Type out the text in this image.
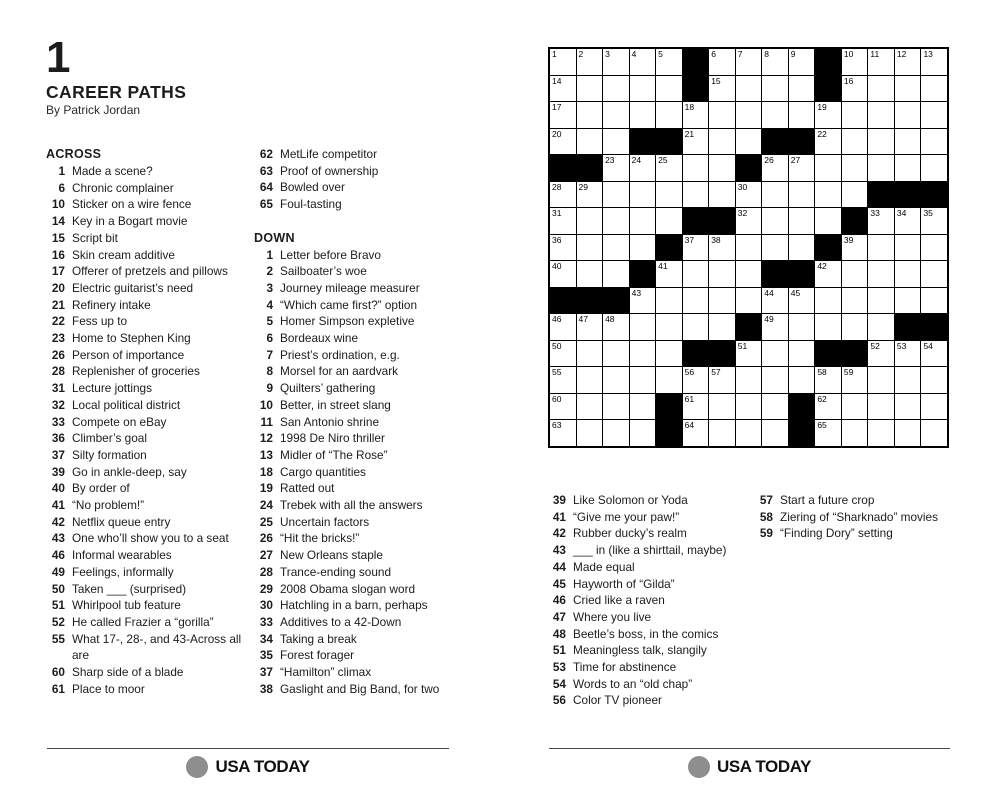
1
CAREER PATHS
By Patrick Jordan
ACROSS
1 Made a scene?
6 Chronic complainer
10 Sticker on a wire fence
14 Key in a Bogart movie
15 Script bit
16 Skin cream additive
17 Offerer of pretzels and pillows
20 Electric guitarist’s need
21 Refinery intake
22 Fess up to
23 Home to Stephen King
26 Person of importance
28 Replenisher of groceries
31 Lecture jottings
32 Local political district
33 Compete on eBay
36 Climber’s goal
37 Silty formation
39 Go in ankle-deep, say
40 By order of
41 “No problem!”
42 Netflix queue entry
43 One who’ll show you to a seat
46 Informal wearables
49 Feelings, informally
50 Taken ___ (surprised)
51 Whirlpool tub feature
52 He called Frazier a “gorilla”
55 What 17-, 28-, and 43-Across all are
60 Sharp side of a blade
61 Place to moor
62 MetLife competitor
63 Proof of ownership
64 Bowled over
65 Foul-tasting
DOWN
1 Letter before Bravo
2 Sailboater’s woe
3 Journey mileage measurer
4 “Which came first?” option
5 Homer Simpson expletive
6 Bordeaux wine
7 Priest’s ordination, e.g.
8 Morsel for an aardvark
9 Quilters’ gathering
10 Better, in street slang
11 San Antonio shrine
12 1998 De Niro thriller
13 Midler of “The Rose”
18 Cargo quantities
19 Ratted out
24 Trebek with all the answers
25 Uncertain factors
26 “Hit the bricks!”
27 New Orleans staple
28 Trance-ending sound
29 2008 Obama slogan word
30 Hatchling in a barn, perhaps
33 Additives to a 42-Down
34 Taking a break
35 Forest forager
37 “Hamilton” climax
38 Gaslight and Big Band, for two
1	2	3	4	5	6	7	8	9	10 11 12 13
14	15	16
17	18	19
20	21	22
23 24 25	26 27
28 29	30
31	32	33 34 35
36	37 38	39
40	41	42
43	44 45
46 47 48	49
50	51	52 53 54
55	56 57	58 59
60	61	62
63	64	65
39 Like Solomon or Yoda
41 “Give me your paw!”
42 Rubber ducky’s realm
43 ___ in (like a shirttail, maybe)
44 Made equal
45 Hayworth of “Gilda”
46 Cried like a raven
47 Where you live
48 Beetle’s boss, in the comics
51 Meaningless talk, slangily
53 Time for abstinence
54 Words to an “old chap”
56 Color TV pioneer
57 Start a future crop
58 Ziering of “Sharknado” movies
59 “Finding Dory” setting
USA TODAY	USA TODAY
